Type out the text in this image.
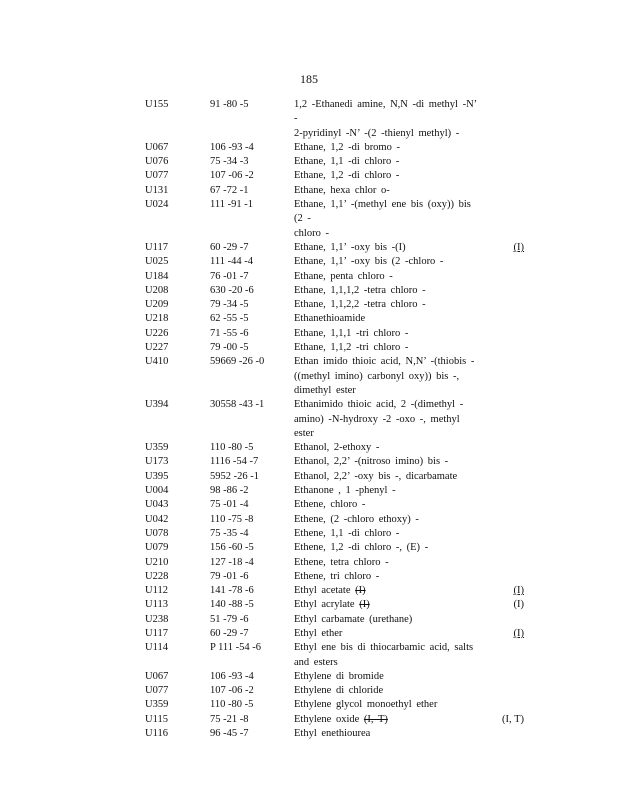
185
U155	91 -80 -5	1,2 -Ethanedi amine, N,N -di methyl -N’ -
2-pyridinyl -N’ -(2 -thienyl methyl) -
U067	106 -93 -4	Ethane, 1,2 -di bromo -
U076	75 -34 -3	Ethane, 1,1 -di chloro -
U077	107 -06 -2	Ethane, 1,2 -di chloro -
U131	67 -72 -1	Ethane, hexa chlor o-
U024	111 -91 -1	Ethane, 1,1’ -(methyl ene bis (oxy)) bis (2 -
chloro -
U117	60 -29 -7	Ethane, 1,1’ -oxy bis -(I)	(I)
U025	111 -44 -4	Ethane, 1,1’ -oxy bis (2 -chloro -
U184	76 -01 -7	Ethane, penta chloro -
U208	630 -20 -6	Ethane, 1,1,1,2 -tetra chloro -
U209	79 -34 -5	Ethane, 1,1,2,2 -tetra chloro -
U218	62 -55 -5	Ethanethioamide
U226	71 -55 -6	Ethane, 1,1,1 -tri chloro -
U227	79 -00 -5	Ethane, 1,1,2 -tri chloro -
U410	59669 -26 -0	Ethan imido thioic acid, N,N’ -(thiobis -
((methyl imino) carbonyl oxy)) bis -,
dimethyl ester
U394	30558 -43 -1	Ethanimido thioic acid, 2 -(dimethyl -
amino) -N-hydroxy -2 -oxo -, methyl
ester
U359	110 -80 -5	Ethanol, 2-ethoxy -
U173	1116 -54 -7	Ethanol, 2,2’ -(nitroso imino) bis -
U395	5952 -26 -1	Ethanol, 2,2’ -oxy bis -, dicarbamate
U004	98 -86 -2	Ethanone , 1 -phenyl -
U043	75 -01 -4	Ethene, chloro -
U042	110 -75 -8	Ethene, (2 -chloro ethoxy) -
U078	75 -35 -4	Ethene, 1,1 -di chloro -
U079	156 -60 -5	Ethene, 1,2 -di chloro -, (E) -
U210	127 -18 -4	Ethene, tetra chloro -
U228	79 -01 -6	Ethene, tri chloro -
U112	141 -78 -6	Ethyl acetate (I)	(I)
U113	140 -88 -5	Ethyl acrylate (I)	(I)
U238	51 -79 -6	Ethyl carbamate (urethane)
U117	60 -29 -7	Ethyl ether	(I)
U114	P 111 -54 -6	Ethyl ene bis di thiocarbamic acid, salts
and esters
U067	106 -93 -4	Ethylene di bromide
U077	107 -06 -2	Ethylene di chloride
U359	110 -80 -5	Ethylene glycol monoethyl ether
U115	75 -21 -8	Ethylene oxide (I, T)	(I, T)
U116	96 -45 -7	Ethyl enethiourea
